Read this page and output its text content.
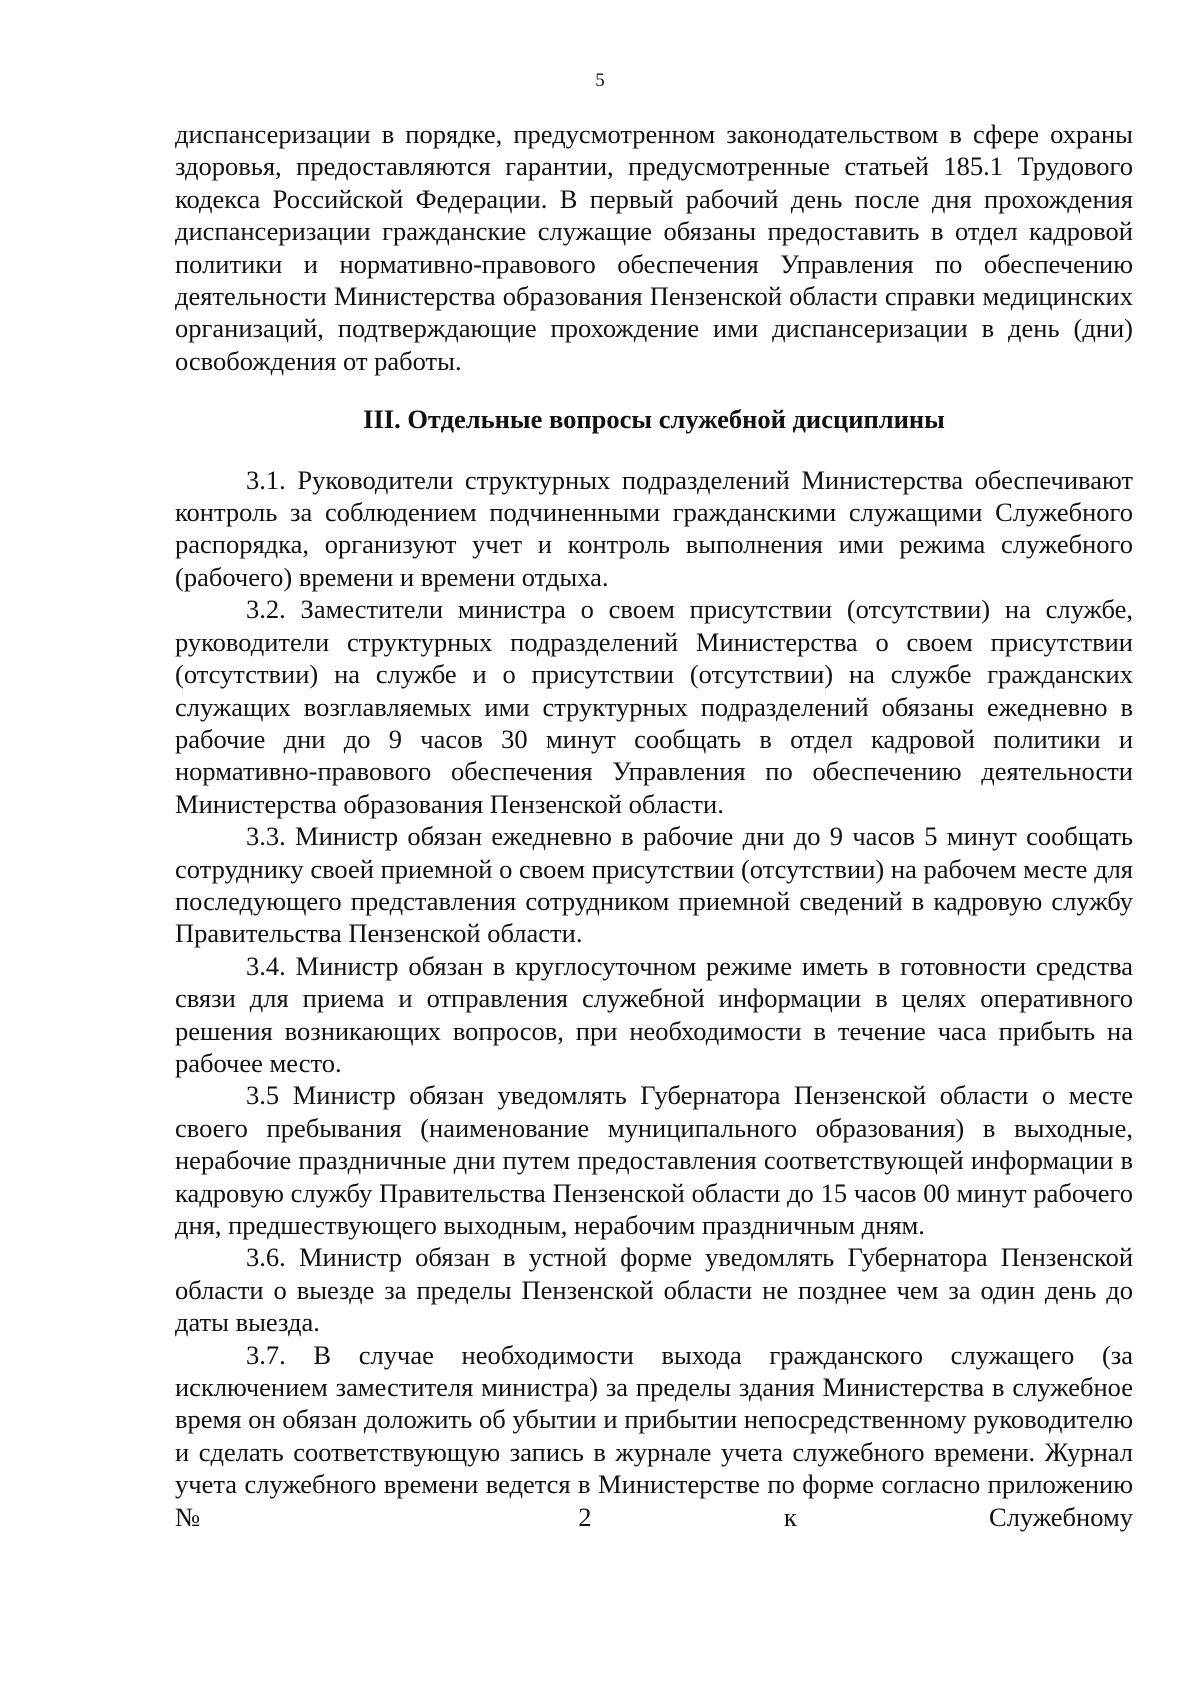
5

диспансеризации в порядке, предусмотренном законодательством в сфере охраны здоровья, предоставляются гарантии, предусмотренные статьей 185.1 Трудового кодекса Российской Федерации. В первый рабочий день после дня прохождения диспансеризации гражданские служащие обязаны предоставить в отдел кадровой политики и нормативно-правового обеспечения Управления по обеспечению деятельности Министерства образования Пензенской области справки медицинских организаций, подтверждающие прохождение ими диспансеризации в день (дни) освобождения от работы.

III. Отдельные вопросы служебной дисциплины

3.1. Руководители структурных подразделений Министерства обеспечивают контроль за соблюдением подчиненными гражданскими служащими Служебного распорядка, организуют учет и контроль выполнения ими режима служебного (рабочего) времени и времени отдыха.

3.2. Заместители министра о своем присутствии (отсутствии) на службе, руководители структурных подразделений Министерства о своем присутствии (отсутствии) на службе и о присутствии (отсутствии) на службе гражданских служащих возглавляемых ими структурных подразделений обязаны ежедневно в рабочие дни до 9 часов 30 минут сообщать в отдел кадровой политики и нормативно-правового обеспечения Управления по обеспечению деятельности Министерства образования Пензенской области.

3.3. Министр обязан ежедневно в рабочие дни до 9 часов 5 минут сообщать сотруднику своей приемной о своем присутствии (отсутствии) на рабочем месте для последующего представления сотрудником приемной сведений в кадровую службу Правительства Пензенской области.

3.4. Министр обязан в круглосуточном режиме иметь в готовности средства связи для приема и отправления служебной информации в целях оперативного решения возникающих вопросов, при необходимости в течение часа прибыть на рабочее место.

3.5 Министр обязан уведомлять Губернатора Пензенской области о месте своего пребывания (наименование муниципального образования) в выходные, нерабочие праздничные дни путем предоставления соответствующей информации в кадровую службу Правительства Пензенской области до 15 часов 00 минут рабочего дня, предшествующего выходным, нерабочим праздничным дням.

3.6. Министр обязан в устной форме уведомлять Губернатора Пензенской области о выезде за пределы Пензенской области не позднее чем за один день до даты выезда.

3.7. В случае необходимости выхода гражданского служащего (за исключением заместителя министра) за пределы здания Министерства в служебное время он обязан доложить об убытии и прибытии непосредственному руководителю и сделать соответствующую запись в журнале учета служебного времени. Журнал учета служебного времени ведется в Министерстве по форме согласно приложению № 2 к Служебному
